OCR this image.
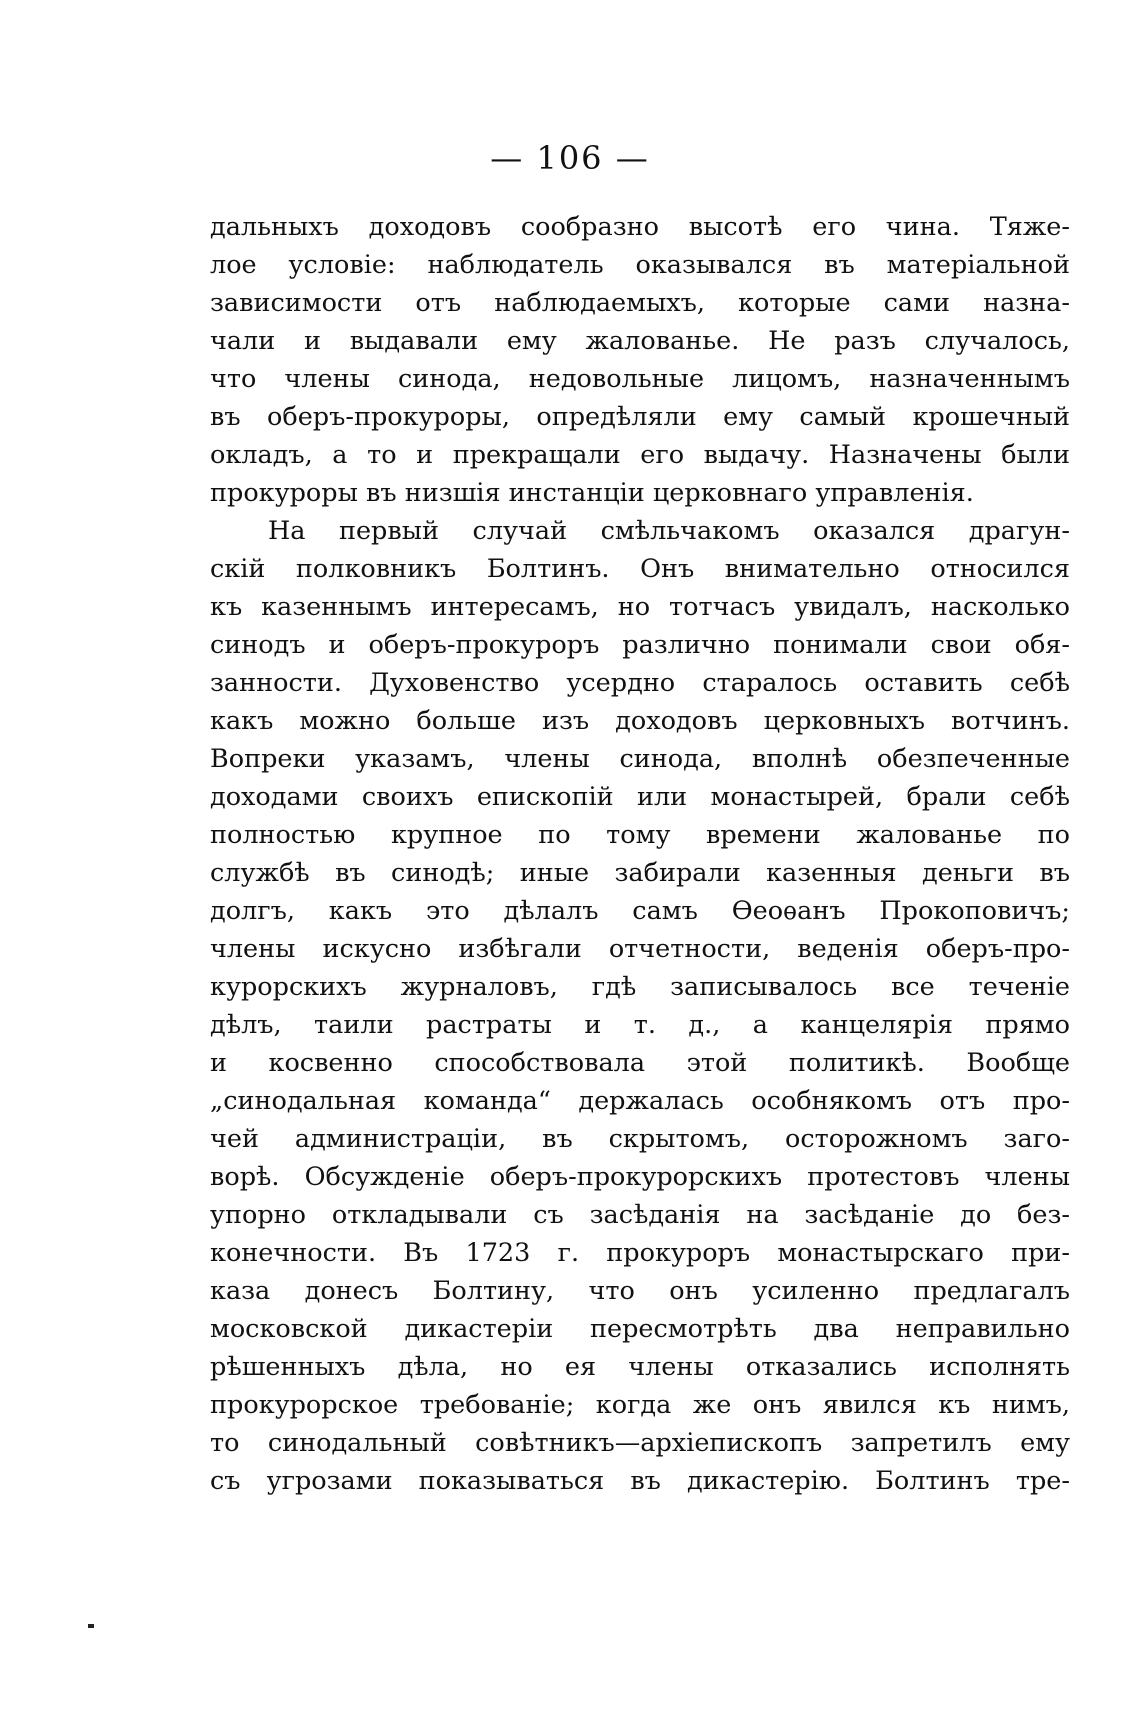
— 106 —
дальныхъ доходовъ сообразно высотѣ его чина. Тяже-
лое условіе: наблюдатель оказывался въ матеріальной
зависимости отъ наблюдаемыхъ, которые сами назна-
чали и выдавали ему жалованье. Не разъ случалось,
что члены синода, недовольные лицомъ, назначеннымъ
въ оберъ-прокуроры, опредѣляли ему самый крошечный
окладъ, а то и прекращали его выдачу. Назначены были
прокуроры въ низшія инстанціи церковнаго управленія.
На первый случай смѣльчакомъ оказался драгун-
скій полковникъ Болтинъ. Онъ внимательно относился
къ казеннымъ интересамъ, но тотчасъ увидалъ, насколько
синодъ и оберъ-прокуроръ различно понимали свои обя-
занности. Духовенство усердно старалось оставить себѣ
какъ можно больше изъ доходовъ церковныхъ вотчинъ.
Вопреки указамъ, члены синода, вполнѣ обезпеченные
доходами своихъ епископій или монастырей, брали себѣ
полностью крупное по тому времени жалованье по
службѣ въ синодѣ; иные забирали казенныя деньги въ
долгъ, какъ это дѣлалъ самъ Ѳеоѳанъ Прокоповичъ;
члены искусно избѣгали отчетности, веденія оберъ-про-
курорскихъ журналовъ, гдѣ записывалось все теченіе
дѣлъ, таили растраты и т. д., а канцелярія прямо
и косвенно способствовала этой политикѣ. Вообще
„синодальная команда“ держалась особнякомъ отъ про-
чей администраціи, въ скрытомъ, осторожномъ заго-
ворѣ. Обсужденіе оберъ-прокурорскихъ протестовъ члены
упорно откладывали съ засѣданія на засѣданіе до без-
конечности. Въ 1723 г. прокуроръ монастырскаго при-
каза донесъ Болтину, что онъ усиленно предлагалъ
московской дикастеріи пересмотрѣть два неправильно
рѣшенныхъ дѣла, но ея члены отказались исполнять
прокурорское требованіе; когда же онъ явился къ нимъ,
то синодальный совѣтникъ—архіепископъ запретилъ ему
съ угрозами показываться въ дикастерію. Болтинъ тре-
